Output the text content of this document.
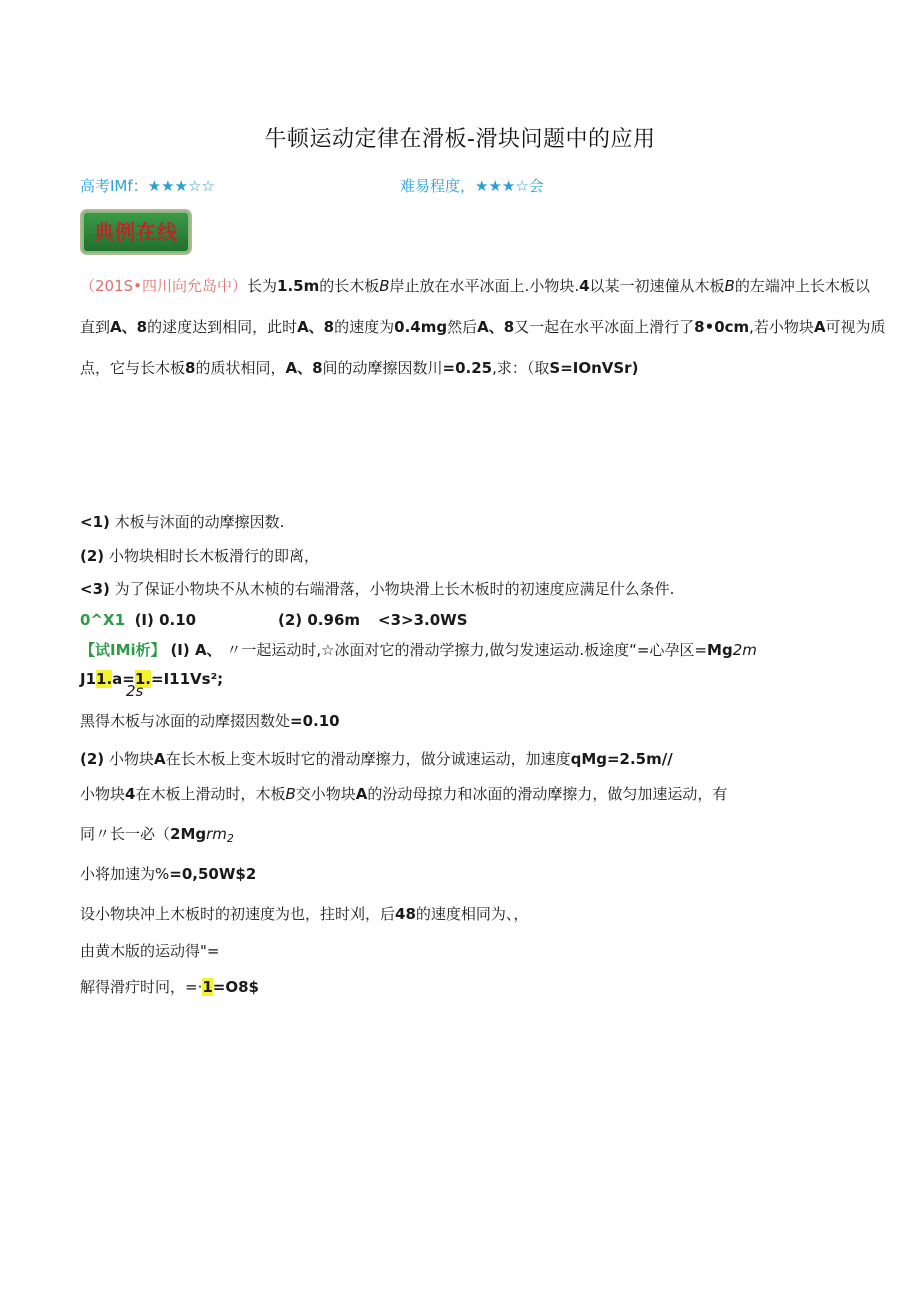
牛顿运动定律在滑板-滑块问题中的应用
高考IMf：★★★☆☆	难易程度，★★★☆会
典例在线
（201S•四川向允岛中）长为1.5m的长木板B岸止放在水平冰面上.小物块.4以某一初速僮从木板B的左端冲上长木板以
直到A、8的逑度达到相同，此时A、8的速度为0.4mg然后A、8又一起在水平冰面上滑行了8•0cm,若小物块A可视为质
点，它与长木板8的质状相同，A、8间的动摩擦因数川=0.25,求：（取S=IOnVSr)
<1) 木板与沐面的动摩擦因数.
(2) 小物块相时长木板滑行的即离，
<3) 为了保证小物块不从木桢的右端滑落，小物块滑上长木板时的初速度应满足什么条件.
0^X1 (I) 0.10	(2) 0.96m <3>3.0WS
【试IMi析】 (I) A、 〃一起运动时,☆冰面对它的滑动学擦力,做匀发速运动.板途度“=心孕区=Mg2m
J11.a=1.=I11Vs²;
2s
黑得木板与冰面的动摩掇因数处=0.10
(2) 小物块A在长木板上变木坂时它的滑动摩擦力，做分诚速运动，加速度qMg=2.5m//
小物块4在木板上滑动时，木板B交小物块A的汾动母掠力和冰面的滑动摩擦力，做匀加速运动，有
同〃长一必（2Mgrm$_2$
小将加速为%=0,50W$2
设小物块冲上木板时的初速度为也，拄时刈，后48的速度相同为、，
由黄木版的运动得"=
解得滑疔时冋，=·1=O8$
